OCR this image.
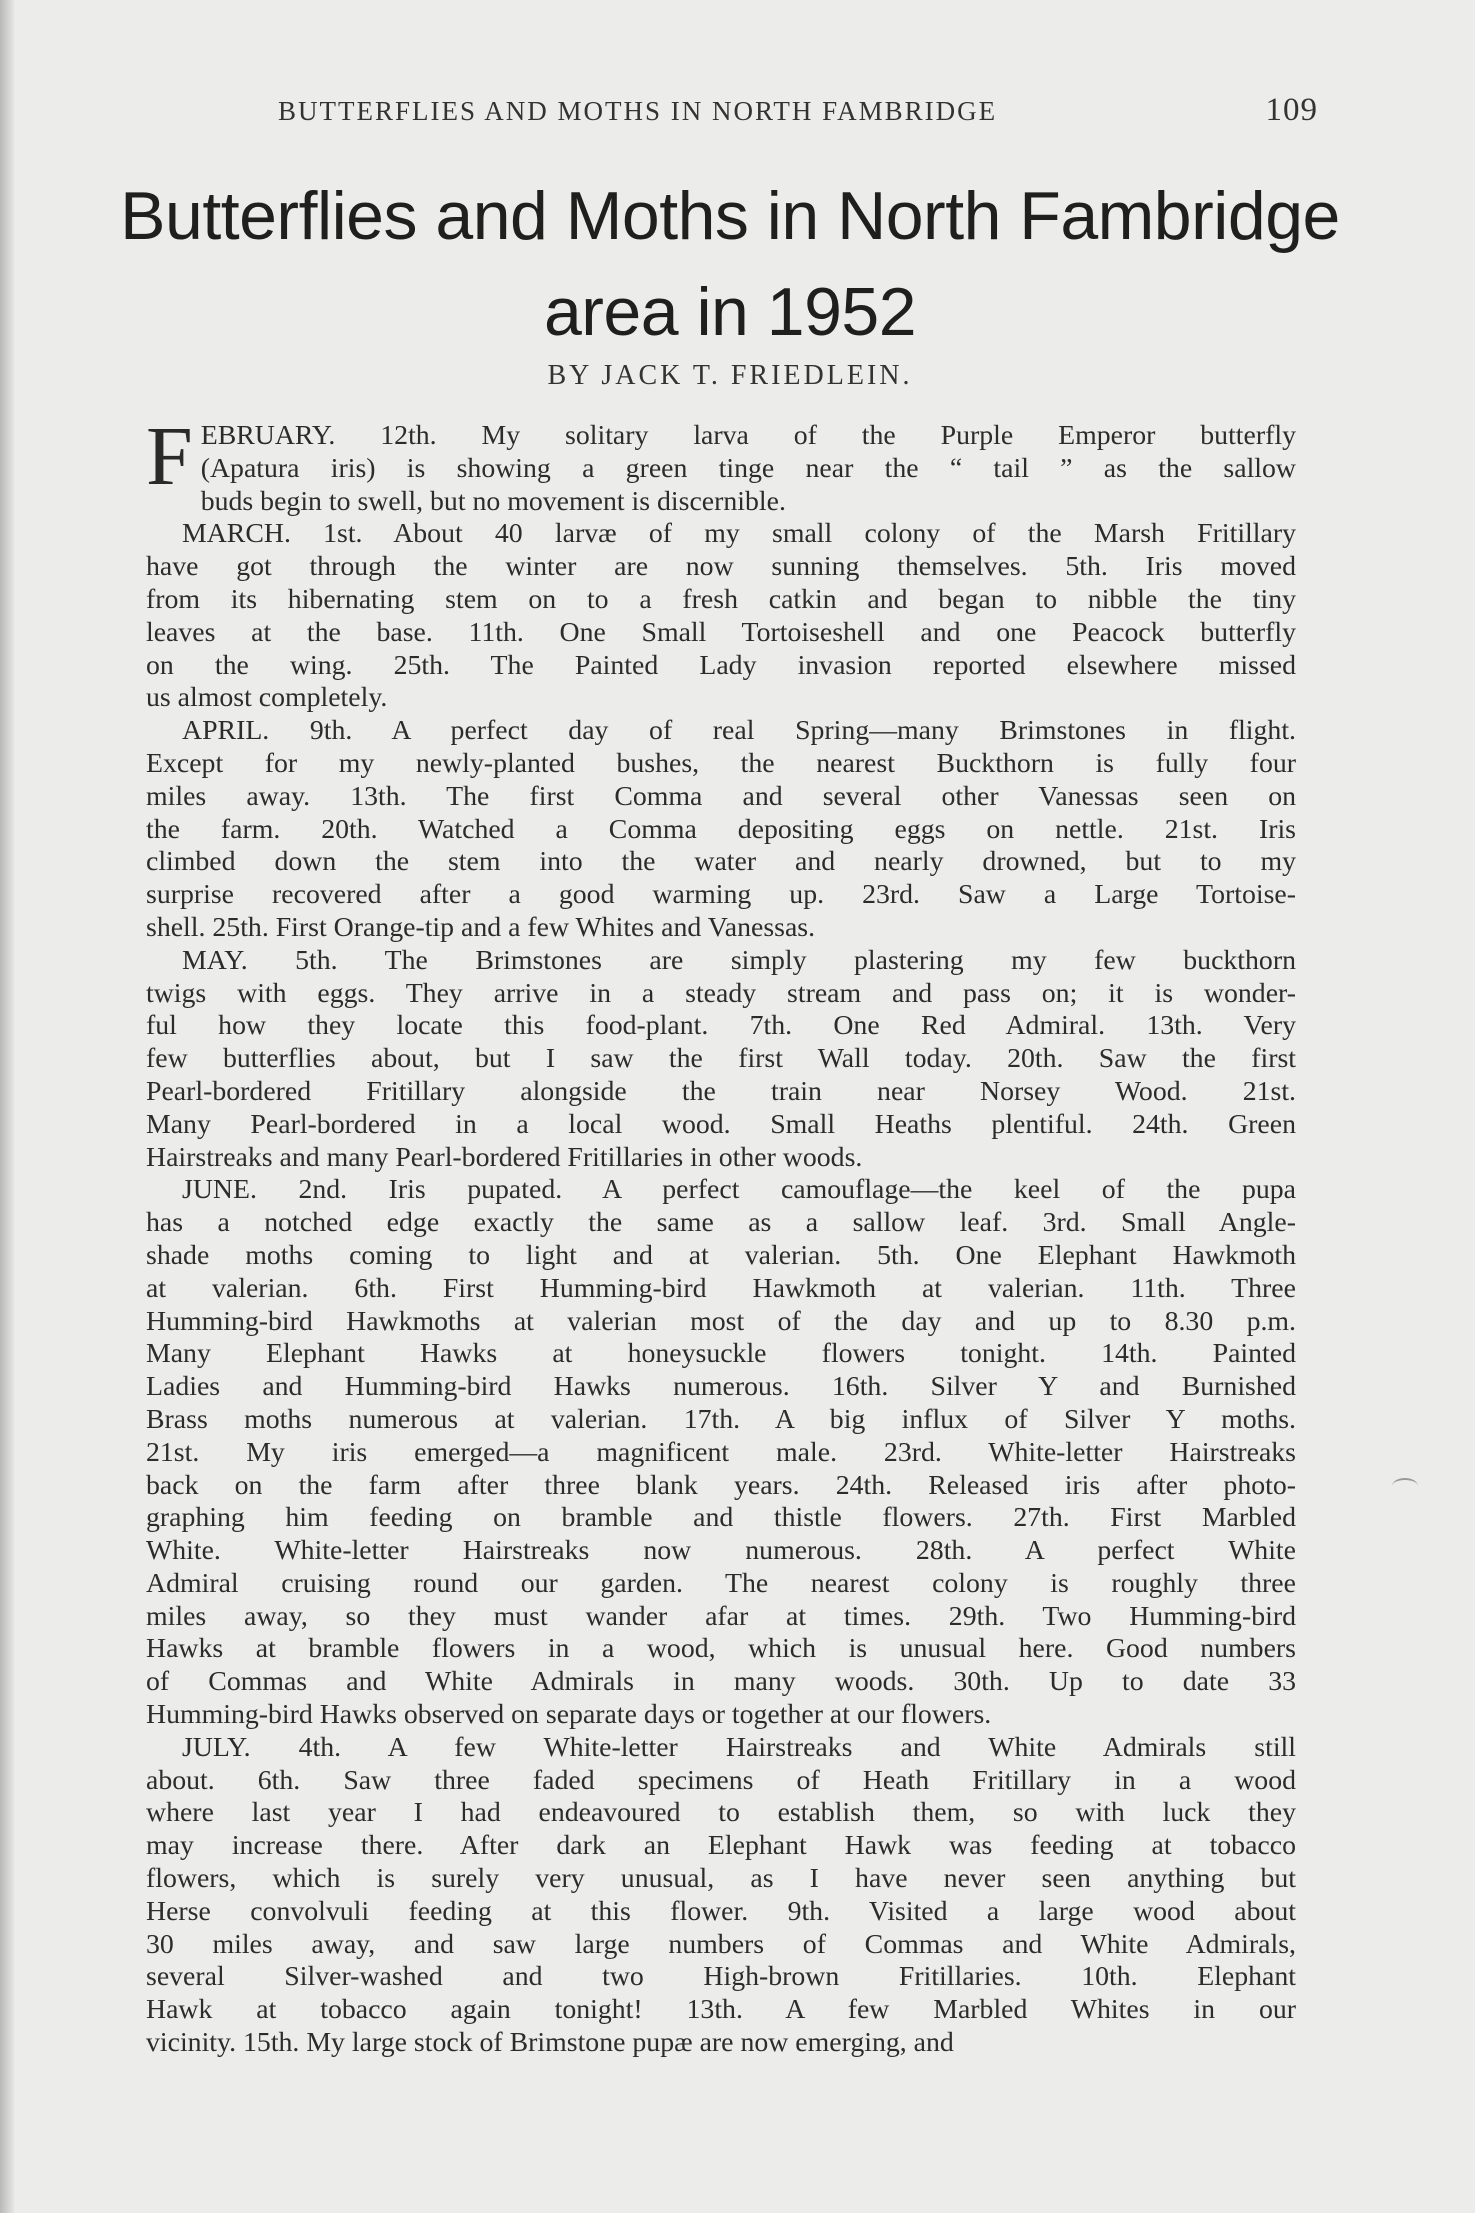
BUTTERFLIES AND MOTHS IN NORTH FAMBRIDGE	109
Butterflies and Moths in North Fambridge
area in 1952
BY JACK T. FRIEDLEIN.
F EBRUARY. 12th. My solitary larva of the Purple Emperor butterfly
(Apatura iris) is showing a green tinge near the “ tail ” as the sallow
buds begin to swell, but no movement is discernible.
MARCH. 1st. About 40 larvæ of my small colony of the Marsh Fritillary
have got through the winter are now sunning themselves. 5th. Iris moved
from its hibernating stem on to a fresh catkin and began to nibble the tiny
leaves at the base. 11th. One Small Tortoiseshell and one Peacock butterfly
on the wing. 25th. The Painted Lady invasion reported elsewhere missed
us almost completely.
APRIL. 9th. A perfect day of real Spring—many Brimstones in flight.
Except for my newly-planted bushes, the nearest Buckthorn is fully four
miles away. 13th. The first Comma and several other Vanessas seen on
the farm. 20th. Watched a Comma depositing eggs on nettle. 21st. Iris
climbed down the stem into the water and nearly drowned, but to my
surprise recovered after a good warming up. 23rd. Saw a Large Tortoise-
shell. 25th. First Orange-tip and a few Whites and Vanessas.
MAY. 5th. The Brimstones are simply plastering my few buckthorn
twigs with eggs. They arrive in a steady stream and pass on; it is wonder-
ful how they locate this food-plant. 7th. One Red Admiral. 13th. Very
few butterflies about, but I saw the first Wall today. 20th. Saw the first
Pearl-bordered Fritillary alongside the train near Norsey Wood. 21st.
Many Pearl-bordered in a local wood. Small Heaths plentiful. 24th. Green
Hairstreaks and many Pearl-bordered Fritillaries in other woods.
JUNE. 2nd. Iris pupated. A perfect camouflage—the keel of the pupa
has a notched edge exactly the same as a sallow leaf. 3rd. Small Angle-
shade moths coming to light and at valerian. 5th. One Elephant Hawkmoth
at valerian. 6th. First Humming-bird Hawkmoth at valerian. 11th. Three
Humming-bird Hawkmoths at valerian most of the day and up to 8.30 p.m.
Many Elephant Hawks at honeysuckle flowers tonight. 14th. Painted
Ladies and Humming-bird Hawks numerous. 16th. Silver Y and Burnished
Brass moths numerous at valerian. 17th. A big influx of Silver Y moths.
21st. My iris emerged—a magnificent male. 23rd. White-letter Hairstreaks
back on the farm after three blank years. 24th. Released iris after photo-
graphing him feeding on bramble and thistle flowers. 27th. First Marbled
White. White-letter Hairstreaks now numerous. 28th. A perfect White
Admiral cruising round our garden. The nearest colony is roughly three
miles away, so they must wander afar at times. 29th. Two Humming-bird
Hawks at bramble flowers in a wood, which is unusual here. Good numbers
of Commas and White Admirals in many woods. 30th. Up to date 33
Humming-bird Hawks observed on separate days or together at our flowers.
JULY. 4th. A few White-letter Hairstreaks and White Admirals still
about. 6th. Saw three faded specimens of Heath Fritillary in a wood
where last year I had endeavoured to establish them, so with luck they
may increase there. After dark an Elephant Hawk was feeding at tobacco
flowers, which is surely very unusual, as I have never seen anything but
Herse convolvuli feeding at this flower. 9th. Visited a large wood about
30 miles away, and saw large numbers of Commas and White Admirals,
several Silver-washed and two High-brown Fritillaries. 10th. Elephant
Hawk at tobacco again tonight! 13th. A few Marbled Whites in our
vicinity. 15th. My large stock of Brimstone pupæ are now emerging, and
